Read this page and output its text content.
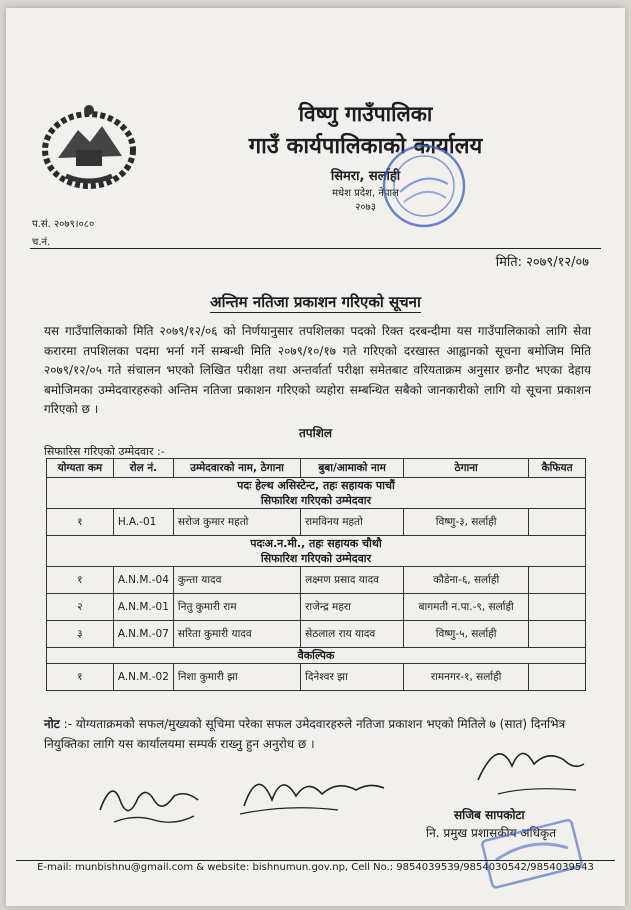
विष्णु गाउँपालिका
गाउँ कार्यपालिकाको कार्यालय
सिमरा, सर्लाही
मधेश प्रदेश, नेपाल
२०७३
प.सं. २०७९।०८०
च.नं.
मिति: २०७९/१२/०७
अन्तिम नतिजा प्रकाशन गरिएको सूचना
यस गाउँपालिकाको मिति २०७९/१२/०६ को निर्णयानुसार तपशिलका पदको रिक्त दरबन्दीमा यस गाउँपालिकाको लागि सेवा करारमा तपशिलका पदमा भर्ना गर्ने सम्बन्धी मिति २०७९/१०/१७ गते गरिएको दरखास्त आह्वानको सूचना बमोजिम मिति २०७९/१२/०५ गते संचालन भएको लिखित परीक्षा तथा अन्तर्वार्ता परीक्षा समेतबाट वरियताक्रम अनुसार छनौट भएका देहाय बमोजिमका उम्मेदवारहरुको अन्तिम नतिजा प्रकाशन गरिएको व्यहोरा सम्बन्धित सबैको जानकारीको लागि यो सूचना प्रकाशन गरिएको छ ।
तपशिल
सिफारिस गरिएको उम्मेदवार :-
योग्यता कम	रोल नं.	उम्मेदवारको नाम, ठेगाना	बुबा/आमाको नाम	ठेगाना	कैफियत

पदः हेल्थ असिस्टेन्ट, तहः सहायक पाचौं
सिफारिश गरिएको उम्मेदवार					

१	H.A.-01	सरोज कुमार महतो	रामविनय महतो	विष्णु-३, सर्लाही	

पदःअ.न.मी., तहः सहायक चौथौ
सिफारिश गरिएको उम्मेदवार					

१	A.N.M.-04	कुन्ता यादव	लक्ष्मण प्रसाद यादव	कौडेना-६, सर्लाही	
२	A.N.M.-01	नितु कुमारी राम	राजेन्द्र महरा	बागमती न.पा.-९, सर्लाही	
३	A.N.M.-07	सरिता कुमारी यादव	सेठलाल राय यादव	विष्णु-५, सर्लाही	
वैकल्पिक					
१	A.N.M.-02	निशा कुमारी झा	दिनेश्वर झा	रामनगर-१, सर्लाही	
नोट :- योग्यताक्रमको सफल/मुख्यको सूचिमा परेका सफल उमेदवारहरुले नतिजा प्रकाशन भएको मितिले ७ (सात) दिनभित्र नियुक्तिका लागि यस कार्यालयमा सम्पर्क राख्नु हुन अनुरोध छ ।
सजिब सापकोटा
नि. प्रमुख प्रशासकीय अधिकृत
E-mail: munbishnu@gmail.com & website: bishnumun.gov.np, Cell No.: 9854039539/9854030542/9854039543
